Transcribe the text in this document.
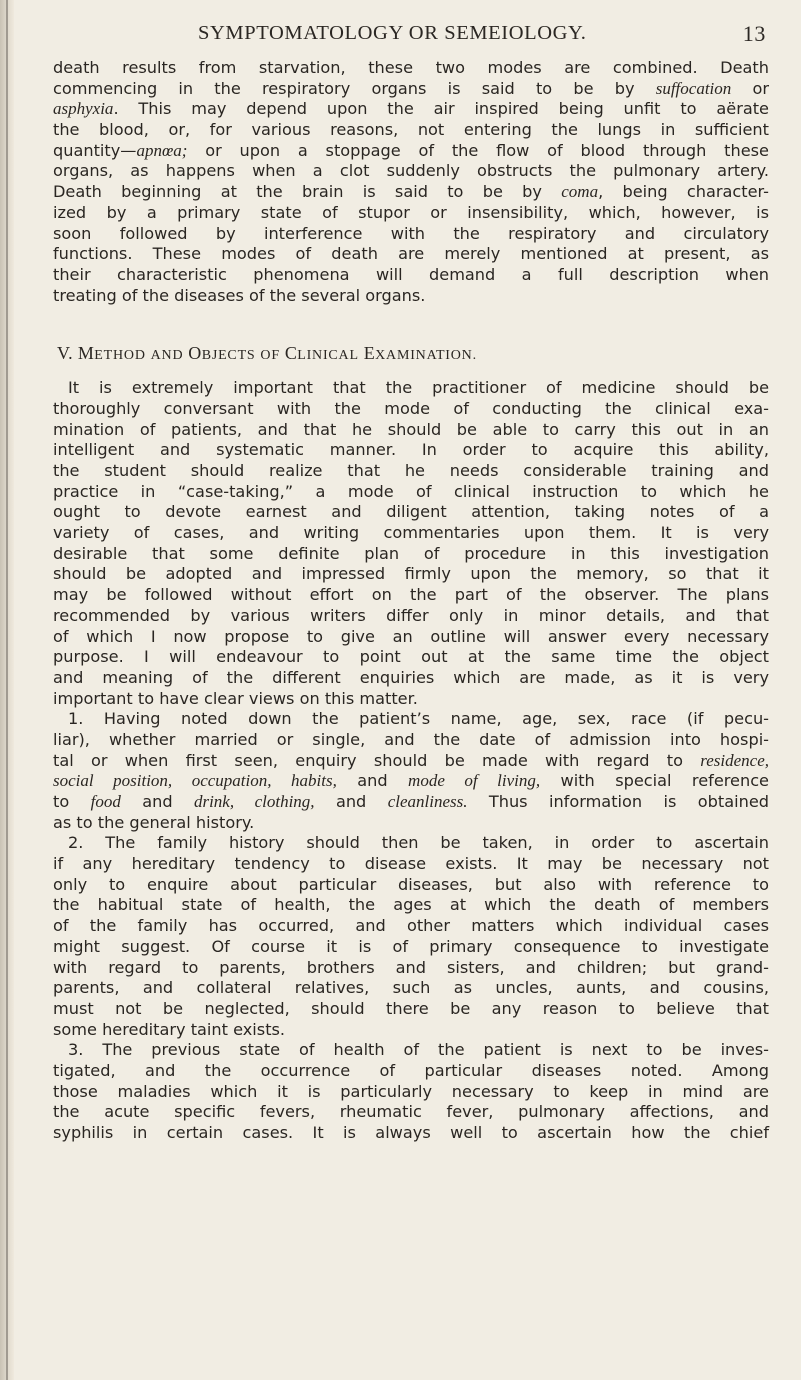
SYMPTOMATOLOGY OR SEMEIOLOGY.	13
death results from starvation, these two modes are combined. Death
commencing in the respiratory organs is said to be by suffocation or
asphyxia. This may depend upon the air inspired being unfit to aërate
the blood, or, for various reasons, not entering the lungs in sufficient
quantity—apnœa; or upon a stoppage of the flow of blood through these
organs, as happens when a clot suddenly obstructs the pulmonary artery.
Death beginning at the brain is said to be by coma, being character-
ized by a primary state of stupor or insensibility, which, however, is
soon followed by interference with the respiratory and circulatory
functions. These modes of death are merely mentioned at present, as
their characteristic phenomena will demand a full description when
treating of the diseases of the several organs.
V. METHOD AND OBJECTS OF CLINICAL EXAMINATION.
It is extremely important that the practitioner of medicine should be
thoroughly conversant with the mode of conducting the clinical exa-
mination of patients, and that he should be able to carry this out in an
intelligent and systematic manner. In order to acquire this ability,
the student should realize that he needs considerable training and
practice in “case-taking,” a mode of clinical instruction to which he
ought to devote earnest and diligent attention, taking notes of a
variety of cases, and writing commentaries upon them. It is very
desirable that some definite plan of procedure in this investigation
should be adopted and impressed firmly upon the memory, so that it
may be followed without effort on the part of the observer. The plans
recommended by various writers differ only in minor details, and that
of which I now propose to give an outline will answer every necessary
purpose. I will endeavour to point out at the same time the object
and meaning of the different enquiries which are made, as it is very
important to have clear views on this matter.
1. Having noted down the patient’s name, age, sex, race (if pecu-
liar), whether married or single, and the date of admission into hospi-
tal or when first seen, enquiry should be made with regard to residence,
social position, occupation, habits, and mode of living, with special reference
to food and drink, clothing, and cleanliness. Thus information is obtained
as to the general history.
2. The family history should then be taken, in order to ascertain
if any hereditary tendency to disease exists. It may be necessary not
only to enquire about particular diseases, but also with reference to
the habitual state of health, the ages at which the death of members
of the family has occurred, and other matters which individual cases
might suggest. Of course it is of primary consequence to investigate
with regard to parents, brothers and sisters, and children; but grand-
parents, and collateral relatives, such as uncles, aunts, and cousins,
must not be neglected, should there be any reason to believe that
some hereditary taint exists.
3. The previous state of health of the patient is next to be inves-
tigated, and the occurrence of particular diseases noted. Among
those maladies which it is particularly necessary to keep in mind are
the acute specific fevers, rheumatic fever, pulmonary affections, and
syphilis in certain cases. It is always well to ascertain how the chief
